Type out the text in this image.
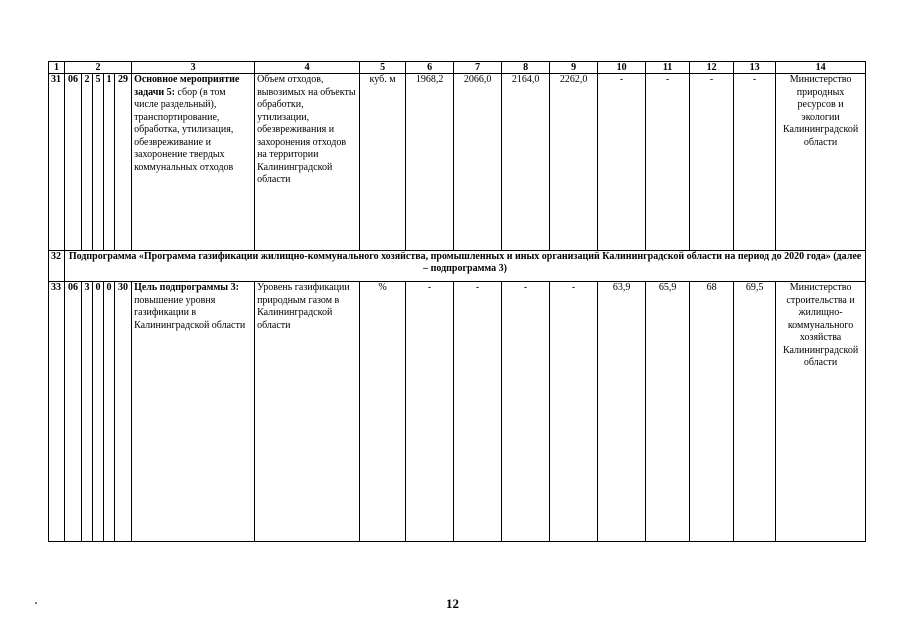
1	2					3	4	5	6	7	8	9	10	11	12	13	14
31	06	2	5	1	29	Основное мероприятие задачи 5: сбор (в том числе раздельный), транспортирование, обработка, утилизация, обезвреживание и захоронение твердых коммунальных отходов	Объем отходов, вывозимых на объекты обработки, утилизации, обезвреживания и захоронения отходов на территории Калининградской области	куб. м	1968,2	2066,0	2164,0	2262,0	-	-	-	-	Министерство природных ресурсов и экологии Калининградской области
32	Подпрограмма «Программа газификации жилищно-коммунального хозяйства, промышленных и иных организаций Калининградской области на период до 2020 года» (далее – подпрограмма 3)																
33	06	3	0	0	30	Цель подпрограммы 3: повышение уровня газификации в Калининградской области	Уровень газификации природным газом в Калининградской области	%	-	-	-	-	63,9	65,9	68	69,5	Министерство строительства и жилищно-коммунального хозяйства Калининградской области
12
